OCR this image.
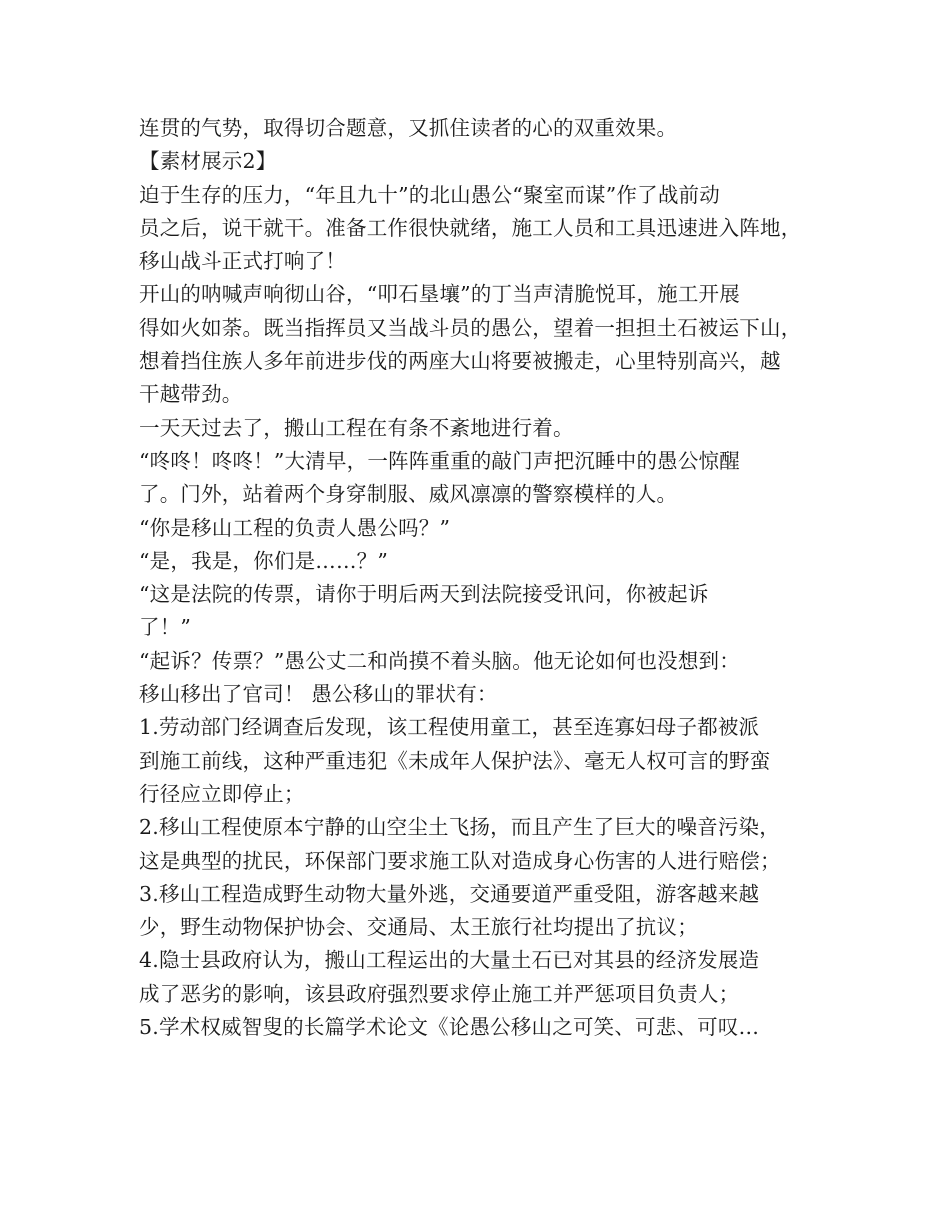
连贯的气势，取得切合题意，又抓住读者的心的双重效果。
【素材展示2】
迫于生存的压力，“年且九十”的北山愚公“聚室而谋”作了战前动
员之后，说干就干。准备工作很快就绪，施工人员和工具迅速进入阵地，
移山战斗正式打响了！
开山的呐喊声响彻山谷，“叩石垦壤”的丁当声清脆悦耳，施工开展
得如火如荼。既当指挥员又当战斗员的愚公，望着一担担土石被运下山，
想着挡住族人多年前进步伐的两座大山将要被搬走，心里特别高兴，越
干越带劲。
一天天过去了，搬山工程在有条不紊地进行着。
“咚咚！咚咚！”大清早，一阵阵重重的敲门声把沉睡中的愚公惊醒
了。门外，站着两个身穿制服、威风凛凛的警察模样的人。
“你是移山工程的负责人愚公吗？”
“是，我是，你们是……？”
“这是法院的传票，请你于明后两天到法院接受讯问，你被起诉
了！”
“起诉？传票？”愚公丈二和尚摸不着头脑。他无论如何也没想到：
移山移出了官司！ 愚公移山的罪状有：
1.劳动部门经调查后发现，该工程使用童工，甚至连寡妇母子都被派
到施工前线，这种严重违犯《未成年人保护法》、毫无人权可言的野蛮
行径应立即停止；
2.移山工程使原本宁静的山空尘土飞扬，而且产生了巨大的噪音污染，
这是典型的扰民，环保部门要求施工队对造成身心伤害的人进行赔偿；
3.移山工程造成野生动物大量外逃，交通要道严重受阻，游客越来越
少，野生动物保护协会、交通局、太王旅行社均提出了抗议；
4.隐士县政府认为，搬山工程运出的大量土石已对其县的经济发展造
成了恶劣的影响，该县政府强烈要求停止施工并严惩项目负责人；
5.学术权威智叟的长篇学术论文《论愚公移山之可笑、可悲、可叹…
